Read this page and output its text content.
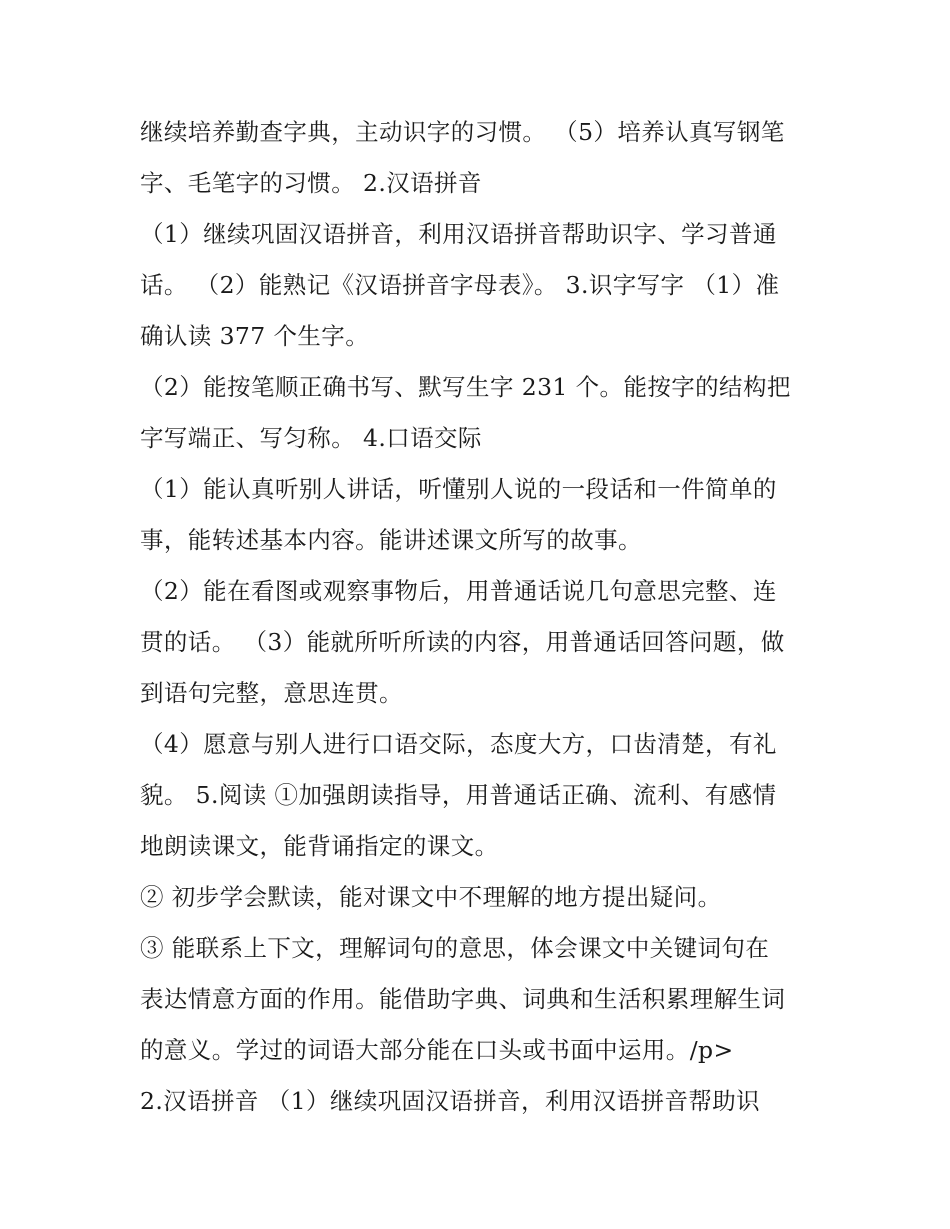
继续培养勤查字典，主动识字的习惯。 （5）培养认真写钢笔
字、毛笔字的习惯。 2.汉语拼音
（1）继续巩固汉语拼音，利用汉语拼音帮助识字、学习普通
话。 （2）能熟记《汉语拼音字母表》。 3.识字写字 （1）准
确认读 377 个生字。
（2）能按笔顺正确书写、默写生字 231 个。能按字的结构把
字写端正、写匀称。 4.口语交际
（1）能认真听别人讲话，听懂别人说的一段话和一件简单的
事，能转述基本内容。能讲述课文所写的故事。
（2）能在看图或观察事物后，用普通话说几句意思完整、连
贯的话。 （3）能就所听所读的内容，用普通话回答问题，做
到语句完整，意思连贯。
（4）愿意与别人进行口语交际，态度大方，口齿清楚，有礼
貌。 5.阅读 ①加强朗读指导，用普通话正确、流利、有感情
地朗读课文，能背诵指定的课文。
② 初步学会默读，能对课文中不理解的地方提出疑问。
③ 能联系上下文，理解词句的意思，体会课文中关键词句在
表达情意方面的作用。能借助字典、词典和生活积累理解生词
的意义。学过的词语大部分能在口头或书面中运用。/p>
2.汉语拼音 （1）继续巩固汉语拼音，利用汉语拼音帮助识
